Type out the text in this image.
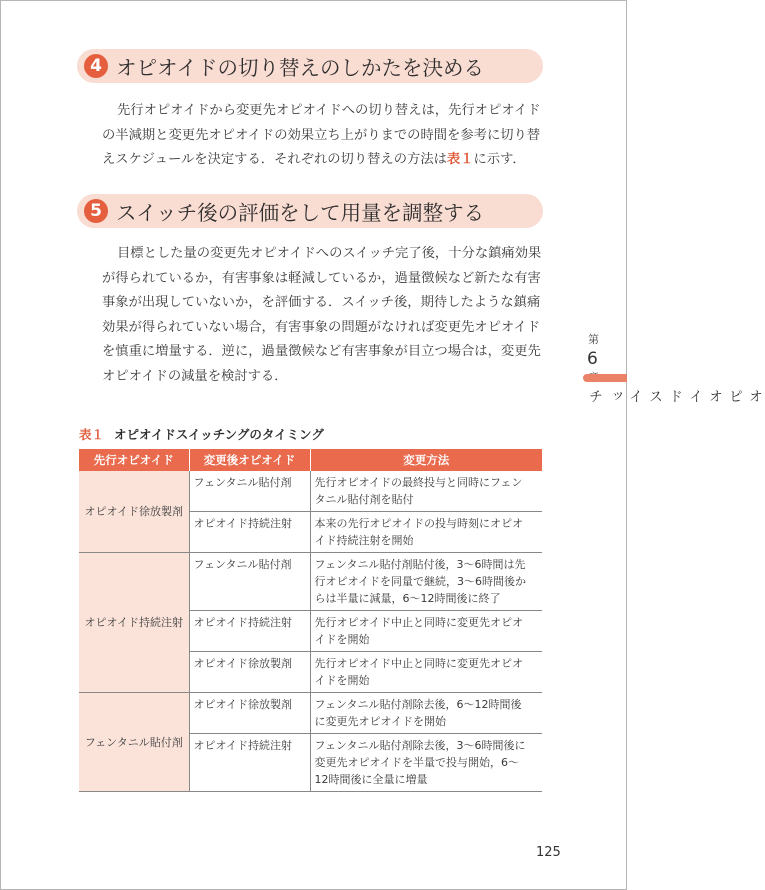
4 オピオイドの切り替えのしかたを決める
先行オピオイドから変更先オピオイドへの切り替えは，先行オピオイド
の半減期と変更先オピオイドの効果立ち上がりまでの時間を参考に切り替
えスケジュールを決定する．それぞれの切り替えの方法は表１に示す．
5 スイッチ後の評価をして用量を調整する
目標とした量の変更先オピオイドへのスイッチ完了後，十分な鎮痛効果
が得られているか，有害事象は軽減しているか，過量徴候など新たな有害
事象が出現していないか，を評価する．スイッチ後，期待したような鎮痛
効果が得られていない場合，有害事象の問題がなければ変更先オピオイド
を慎重に増量する．逆に，過量徴候など有害事象が目立つ場合は，変更先
オピオイドの減量を検討する．
表１ オピオイドスイッチングのタイミング
先行オピオイド	変更後オピオイド	変更方法
オピオイド徐放製剤	フェンタニル貼付剤	先行オピオイドの最終投与と同時にフェン
タニル貼付剤を貼付

	オピオイド持続注射	本来の先行オピオイドの投与時刻にオピオ
イド持続注射を開始

オピオイド持続注射	フェンタニル貼付剤	フェンタニル貼付剤貼付後，3～6時間は先
行オピオイドを同量で継続，3～6時間後か
らは半量に減量，6～12時間後に終了

	オピオイド持続注射	先行オピオイド中止と同時に変更先オピオ
イドを開始

	オピオイド徐放製剤	先行オピオイド中止と同時に変更先オピオ
イドを開始

フェンタニル貼付剤	オピオイド徐放製剤	フェンタニル貼付剤除去後，6～12時間後
に変更先オピオイドを開始

	オピオイド持続注射	フェンタニル貼付剤除去後，3～6時間後に
変更先オピオイドを半量で投与開始，6～
12時間後に全量に増量
第
6
オピオイドスイッチ
125
